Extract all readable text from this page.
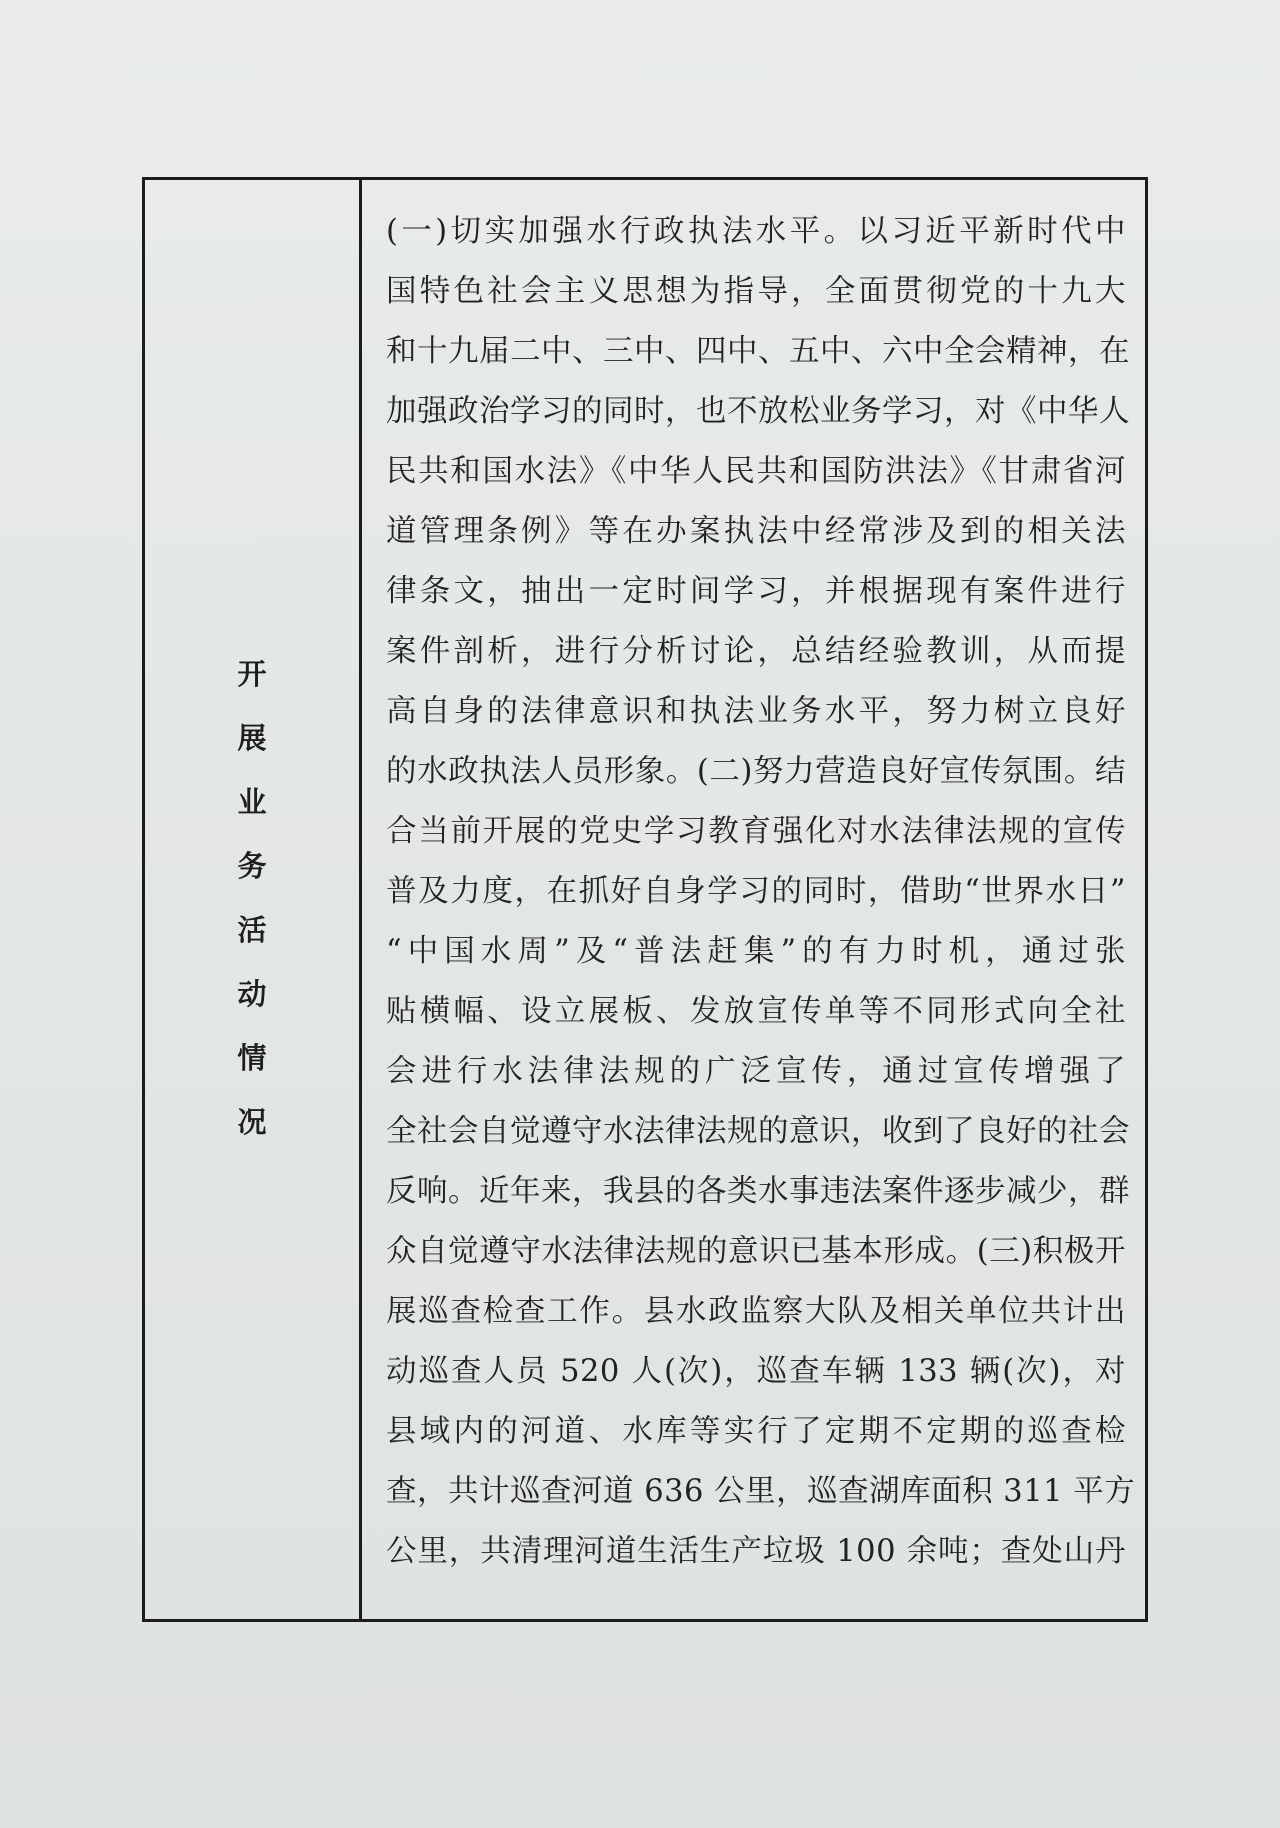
开
展
业
务
活
动
情
况
(一)切实加强水行政执法水平。以习近平新时代中
国特色社会主义思想为指导，全面贯彻党的十九大
和十九届二中、三中、四中、五中、六中全会精神，在
加强政治学习的同时，也不放松业务学习，对《中华人
民共和国水法》《中华人民共和国防洪法》《甘肃省河
道管理条例》等在办案执法中经常涉及到的相关法
律条文，抽出一定时间学习，并根据现有案件进行
案件剖析，进行分析讨论，总结经验教训，从而提
高自身的法律意识和执法业务水平，努力树立良好
的水政执法人员形象。(二)努力营造良好宣传氛围。结
合当前开展的党史学习教育强化对水法律法规的宣传
普及力度，在抓好自身学习的同时，借助“世界水日”
“中国水周”及“普法赶集”的有力时机，通过张
贴横幅、设立展板、发放宣传单等不同形式向全社
会进行水法律法规的广泛宣传，通过宣传增强了
全社会自觉遵守水法律法规的意识，收到了良好的社会
反响。近年来，我县的各类水事违法案件逐步减少，群
众自觉遵守水法律法规的意识已基本形成。(三)积极开
展巡查检查工作。县水政监察大队及相关单位共计出
动巡查人员 520 人(次)，巡查车辆 133 辆(次)，对
县域内的河道、水库等实行了定期不定期的巡查检
查，共计巡查河道 636 公里，巡查湖库面积 311 平方
公里，共清理河道生活生产垃圾 100 余吨；查处山丹
